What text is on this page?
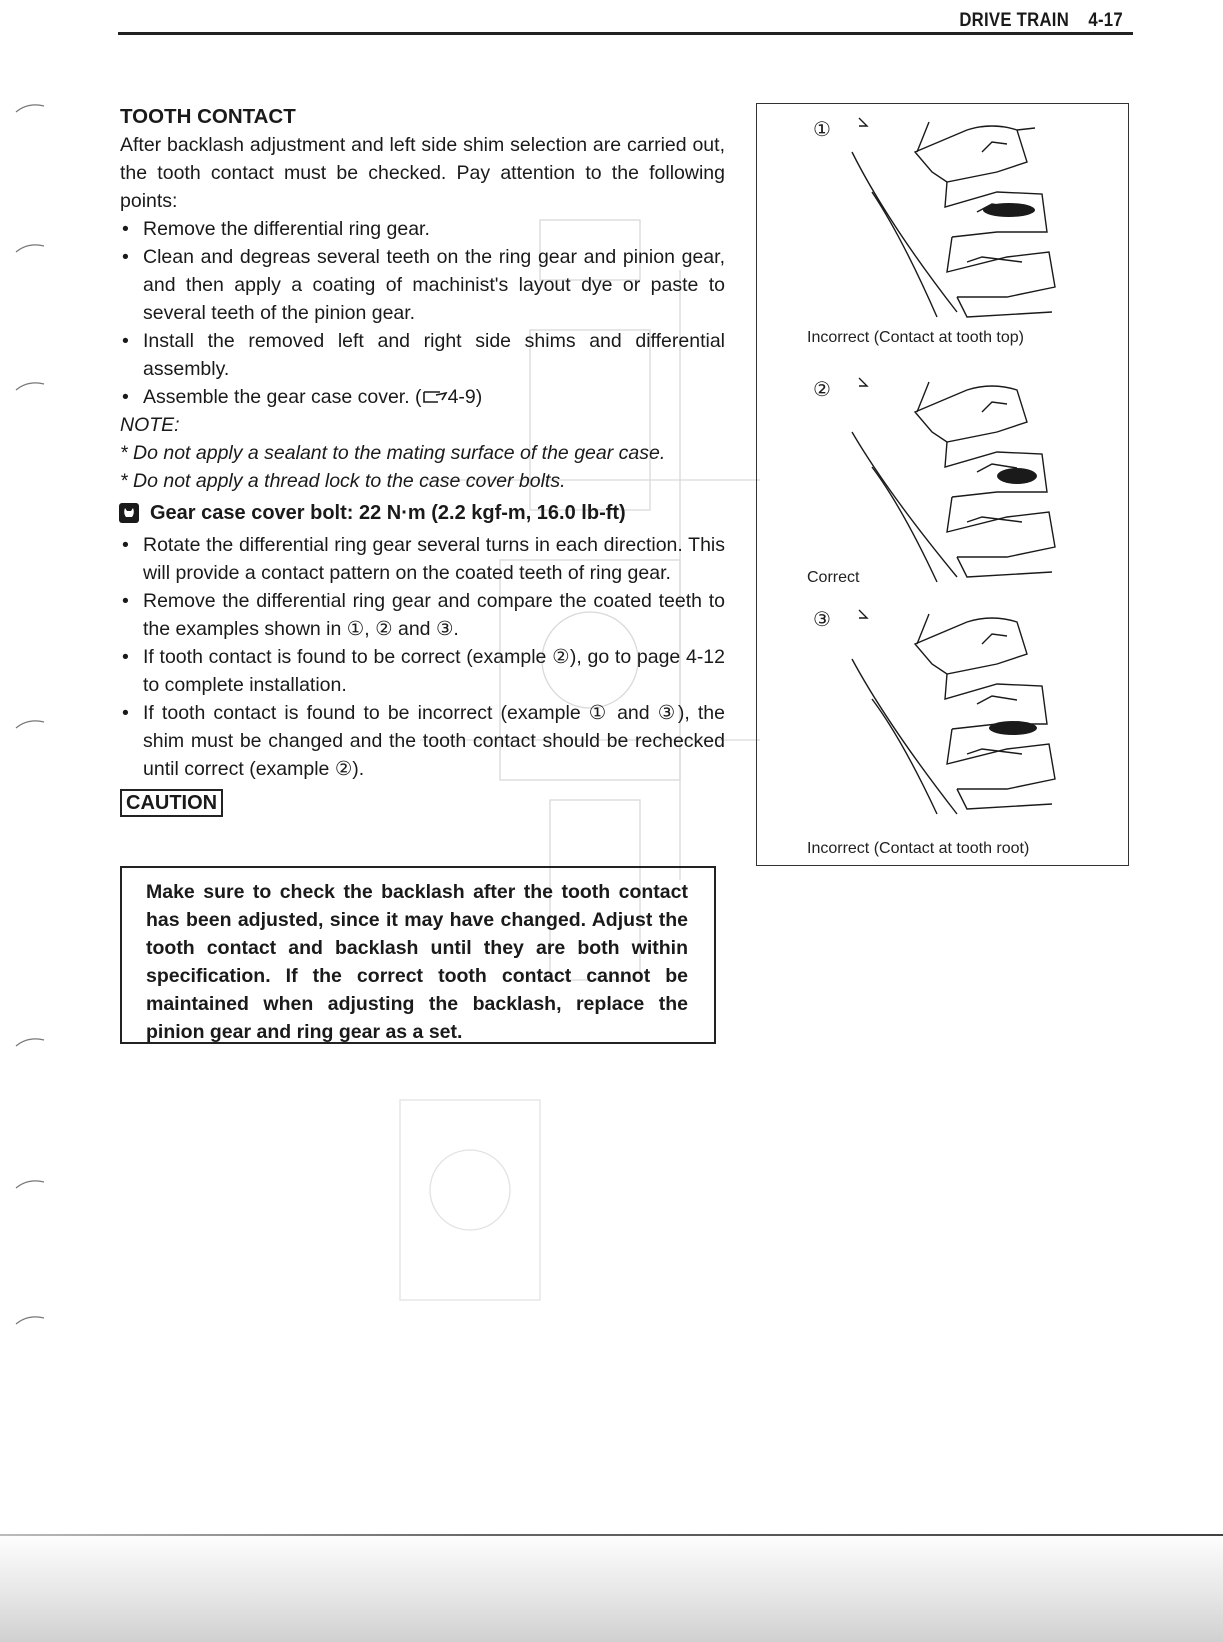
DRIVE TRAIN 4-17
TOOTH CONTACT

After backlash adjustment and left side shim selection are carried out, the tooth contact must be checked. Pay attention to the following points:

• Remove the differential ring gear.
• Clean and degreas several teeth on the ring gear and pinion gear, and then apply a coating of machinist's layout dye or paste to several teeth of the pinion gear.
• Install the removed left and right side shims and differential assembly.
• Assemble the gear case cover. ( 4-9)

NOTE:

* Do not apply a sealant to the mating surface of the gear case.

* Do not apply a thread lock to the case cover bolts.

Gear case cover bolt: 22 N·m (2.2 kgf-m, 16.0 lb-ft)
• Rotate the differential ring gear several turns in each direction. This will provide a contact pattern on the coated teeth of ring gear.
• Remove the differential ring gear and compare the coated teeth to the examples shown in ①, ② and ③.
• If tooth contact is found to be correct (example ②), go to page 4-12 to complete installation.
• If tooth contact is found to be incorrect (example ① and ③), the shim must be changed and the tooth contact should be rechecked until correct (example ②).
CAUTION
Make sure to check the backlash after the tooth contact has been adjusted, since it may have changed. Adjust the tooth contact and backlash until they are both within specification. If the correct tooth contact cannot be maintained when adjusting the backlash, replace the pinion gear and ring gear as a set.
①
Incorrect (Contact at tooth top)
②
Correct
③
Incorrect (Contact at tooth root)
